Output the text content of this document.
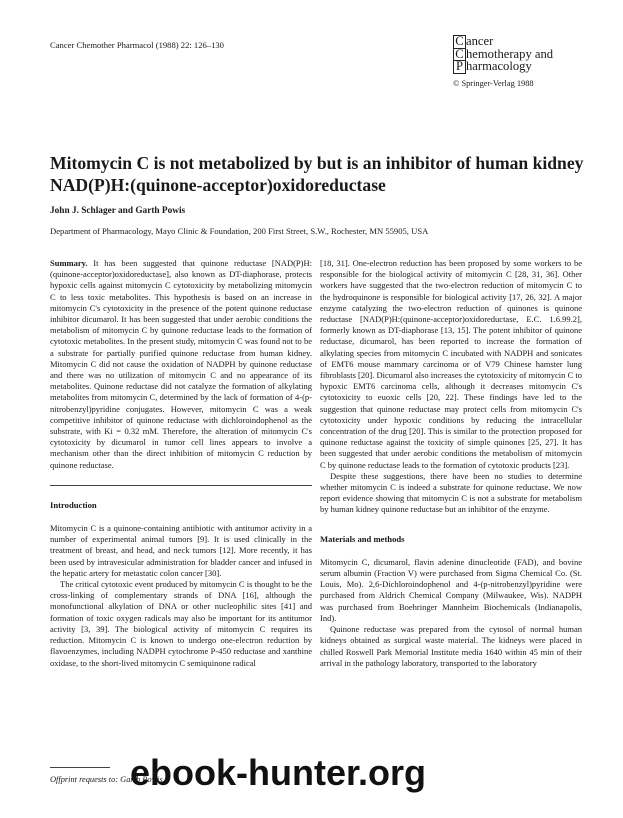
Cancer Chemother Pharmacol (1988) 22: 126–130	C ancer
C hemotherapy and
P harmacology
© Springer-Verlag 1988
Mitomycin C is not metabolized by but is an inhibitor of human kidney NAD(P)H:(quinone-acceptor)oxidoreductase
John J. Schlager and Garth Powis
Department of Pharmacology, Mayo Clinic & Foundation, 200 First Street, S.W., Rochester, MN 55905, USA

Summary. It has been suggested that quinone reductase [NAD(P)H:(quinone-acceptor)oxidoreductase], also known as DT-diaphorase, protects hypoxic cells against mitomycin C cytotoxicity by metabolizing mitomycin C to less toxic metabolites. This hypothesis is based on an increase in mitomycin C's cytotoxicity in the presence of the potent quinone reductase inhibitor dicumarol. It has been suggested that under aerobic conditions the metabolism of mitomycin C by quinone reductase leads to the formation of cytotoxic metabolites. In the present study, mitomycin C was found not to be a substrate for partially purified quinone reductase from human kidney. Mitomycin C did not cause the oxidation of NADPH by quinone reductase and there was no utilization of mitomycin C and no appearance of its metabolites. Quinone reductase did not catalyze the formation of alkylating metabolites from mitomycin C, determined by the lack of formation of 4-(p-nitrobenzyl)pyridine conjugates. However, mitomycin C was a weak competitive inhibitor of quinone reductase with dichloroindophenol as the substrate, with Ki = 0.32 mM. Therefore, the alteration of mitomycin C's cytotoxicity by dicumarol in tumor cell lines appears to involve a mechanism other than the direct inhibition of mitomycin C reduction by quinone reductase.

Introduction

Mitomycin C is a quinone-containing antibiotic with antitumor activity in a number of experimental animal tumors [9]. It is used clinically in the treatment of breast, and head, and neck tumors [12]. More recently, it has been used by intravesicular administration for bladder cancer and infused in the hepatic artery for metastatic colon cancer [30].

The critical cytotoxic event produced by mitomycin C is thought to be the cross-linking of complementary strands of DNA [16], although the monofunctional alkylation of DNA or other nucleophilic sites [41] and formation of toxic oxygen radicals may also be important for its antitumor activity [3, 39]. The biological activity of mitomycin C requires its reduction. Mitomycin C is known to undergo one-electron reduction by flavoenzymes, including NADPH cytochrome P-450 reductase and xanthine oxidase, to the short-lived mitomycin C semiquinone radical

[18, 31]. One-electron reduction has been proposed by some workers to be responsible for the biological activity of mitomycin C [28, 31, 36]. Other workers have suggested that the two-electron reduction of mitomycin C to the hydroquinone is responsible for biological activity [17, 26, 32]. A major enzyme catalyzing the two-electron reduction of quinones is quinone reductase [NAD(P)H:(quinone-acceptor)oxidoreductase, E.C. 1.6.99.2], formerly known as DT-diaphorase [13, 15]. The potent inhibitor of quinone reductase, dicumarol, has been reported to increase the formation of alkylating species from mitomycin C incubated with NADPH and sonicates of EMT6 mouse mammary carcinoma or of V79 Chinese hamster lung fibroblasts [20]. Dicumarol also increases the cytotoxicity of mitomycin C to hypoxic EMT6 carcinoma cells, although it decreases mitomycin C's cytotoxicity to euoxic cells [20, 22]. These findings have led to the suggestion that quinone reductase may protect cells from mitomycin C's cytotoxicity under hypoxic conditions by reducing the intracellular concentration of the drug [20]. This is similar to the protection proposed for quinone reductase against the toxicity of simple quinones [25, 27]. It has been suggested that under aerobic conditions the metabolism of mitomycin C by quinone reductase leads to the formation of cytotoxic products [23].

Despite these suggestions, there have been no studies to determine whether mitomycin C is indeed a substrate for quinone reductase. We now report evidence showing that mitomycin C is not a substrate for metabolism by human kidney quinone reductase but an inhibitor of the enzyme.

Materials and methods

Mitomycin C, dicumarol, flavin adenine dinucleotide (FAD), and bovine serum albumin (Fraction V) were purchased from Sigma Chemical Co. (St. Louis, Mo). 2,6-Dichloroindophenol and 4-(p-nitrobenzyl)pyridine were purchased from Aldrich Chemical Company (Milwaukee, Wis). NADPH was purchased from Boehringer Mannheim Biochemicals (Indianapolis, Ind).

Quinone reductase was prepared from the cytosol of normal human kidneys obtained as surgical waste material. The kidneys were placed in chilled Roswell Park Memorial Institute media 1640 within 45 min of their arrival in the pathology laboratory, transported to the laboratory

Offprint requests to: Garth Powis
ebook-hunter.org
